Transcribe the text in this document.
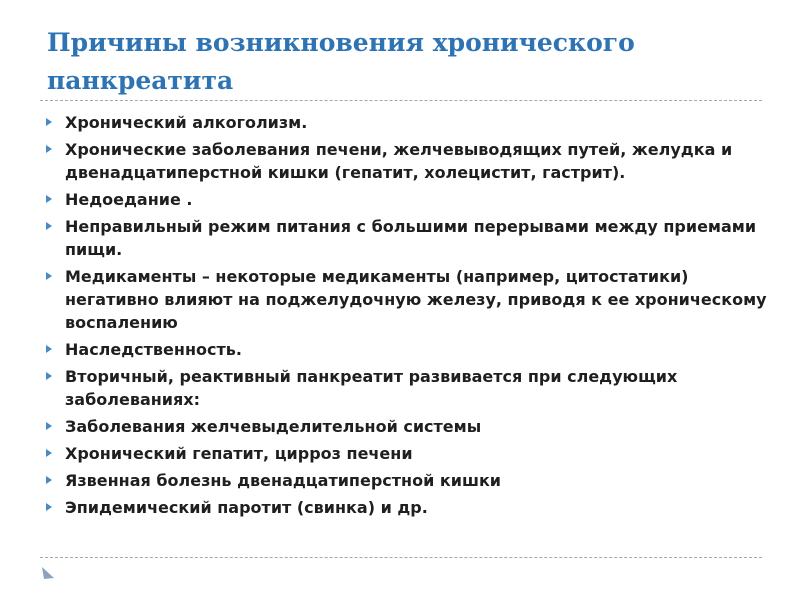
Причины возникновения хронического панкреатита
Хронический алкоголизм.
Хронические заболевания печени, желчевыводящих путей, желудка и двенадцатиперстной кишки (гепатит, холецистит, гастрит).
Недоедание .
Неправильный режим питания с большими перерывами между приемами пищи.
Медикаменты – некоторые медикаменты (например, цитостатики) негативно влияют на поджелудочную железу, приводя к ее хроническому воспалению
Наследственность.
Вторичный, реактивный панкреатит развивается при следующих заболеваниях:
Заболевания желчевыделительной системы
Хронический гепатит, цирроз печени
Язвенная болезнь двенадцатиперстной кишки
Эпидемический паротит (свинка) и др.
